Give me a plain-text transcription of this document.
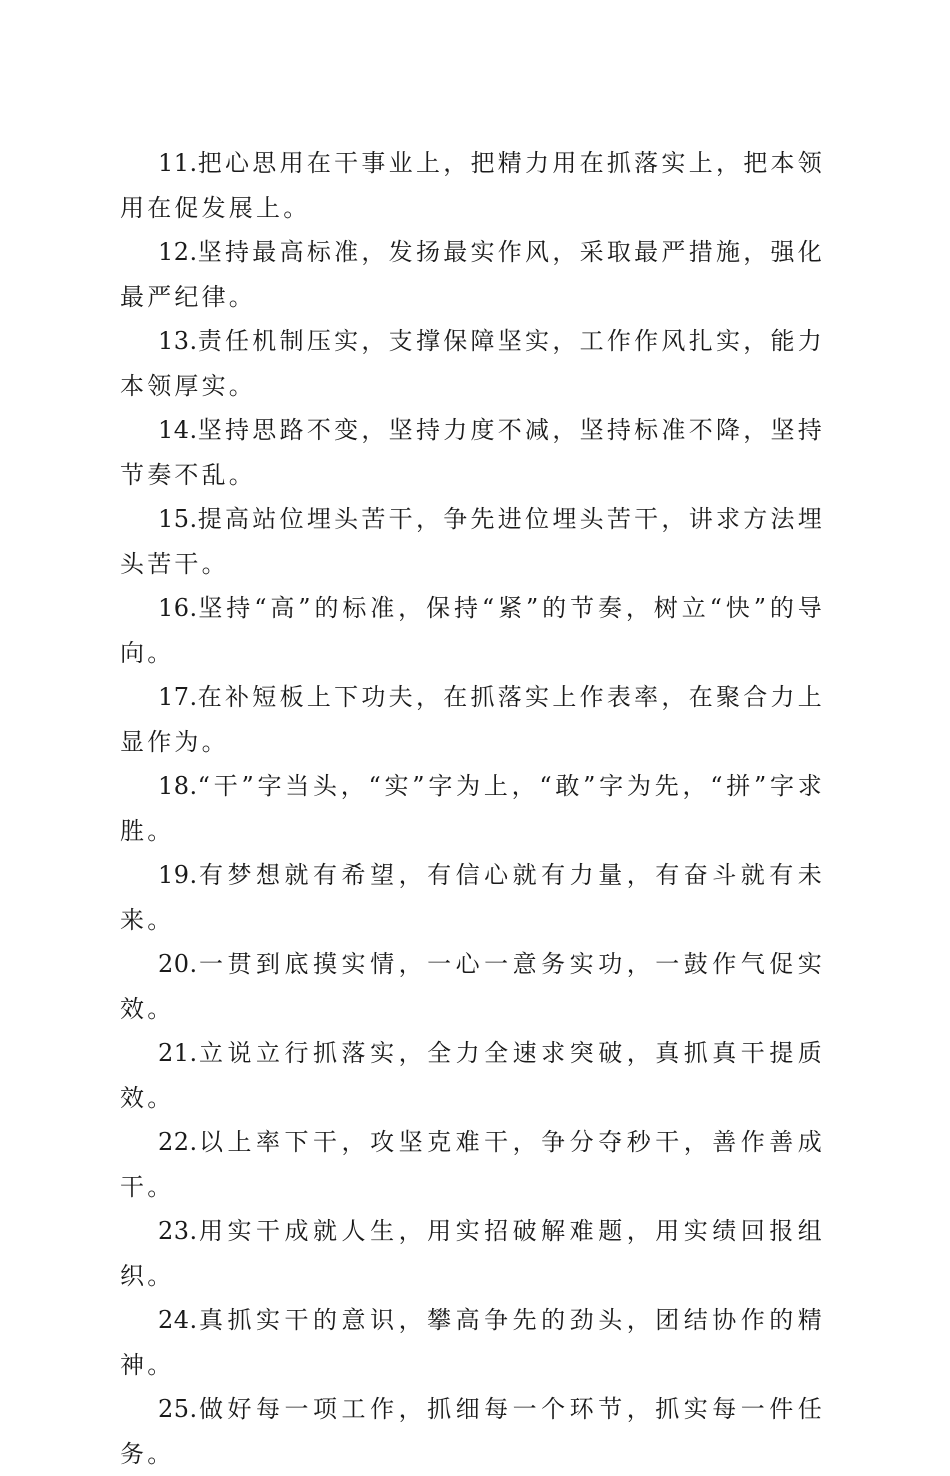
11.把心思用在干事业上，把精力用在抓落实上，把本领用在促发展上。

12.坚持最高标准，发扬最实作风，采取最严措施，强化最严纪律。

13.责任机制压实，支撑保障坚实，工作作风扎实，能力本领厚实。

14.坚持思路不变，坚持力度不减，坚持标准不降，坚持节奏不乱。

15.提高站位埋头苦干，争先进位埋头苦干，讲求方法埋头苦干。

16.坚持“高”的标准，保持“紧”的节奏，树立“快”的导向。

17.在补短板上下功夫，在抓落实上作表率，在聚合力上显作为。

18.“干”字当头，“实”字为上，“敢”字为先，“拼”字求胜。

19.有梦想就有希望，有信心就有力量，有奋斗就有未来。

20.一贯到底摸实情，一心一意务实功，一鼓作气促实效。

21.立说立行抓落实，全力全速求突破，真抓真干提质效。

22.以上率下干，攻坚克难干，争分夺秒干，善作善成干。

23.用实干成就人生，用实招破解难题，用实绩回报组织。

24.真抓实干的意识，攀高争先的劲头，团结协作的精神。

25.做好每一项工作，抓细每一个环节，抓实每一件任务。
